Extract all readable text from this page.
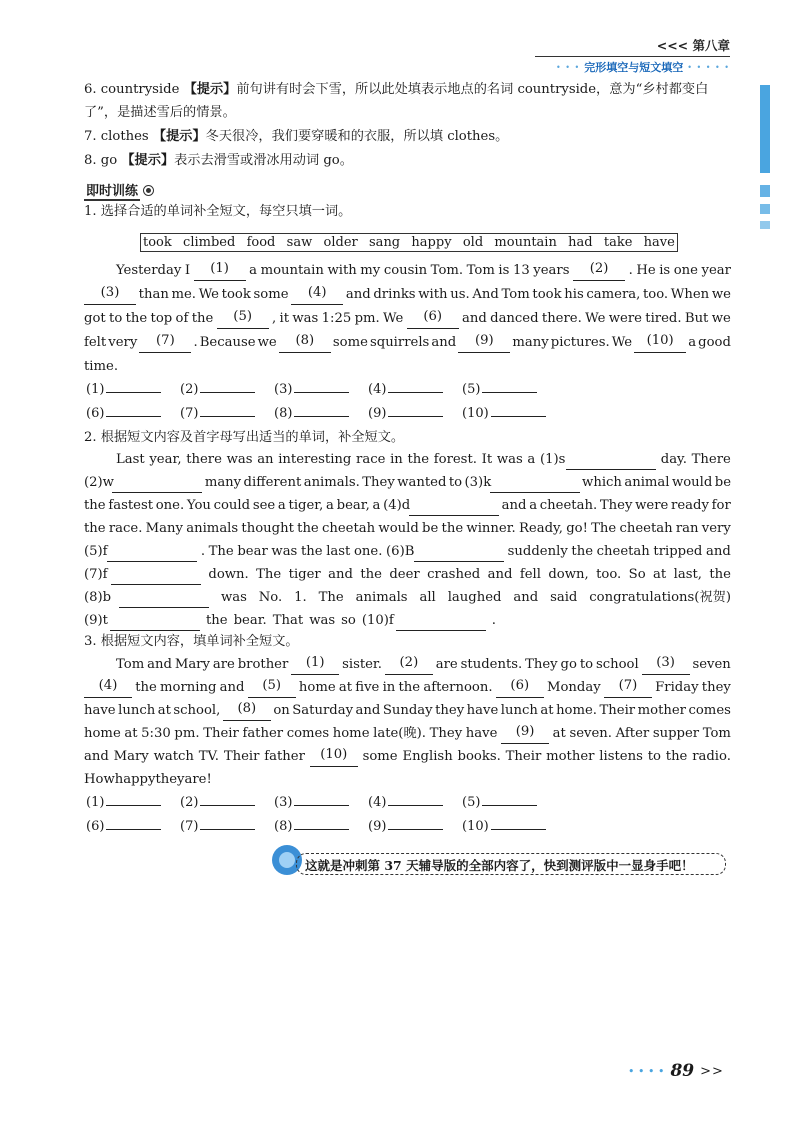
<<< 第八章
• • • 完形填空与短文填空 • • • • •
6. countryside 【提示】前句讲有时会下雪，所以此处填表示地点的名词 countryside，意为“乡村都变白
了”，是描述雪后的情景。
7. clothes 【提示】冬天很冷，我们要穿暖和的衣服，所以填 clothes。
8. go 【提示】表示去滑雪或滑冰用动词 go。
即时训练
1. 选择合适的单词补全短文，每空只填一词。
took climbed food saw older sang happy old mountain had take have
Yesterday I	(1)	a mountain with my cousin Tom. Tom is 13 years	(2)	. He is one year
(3)	than me. We took some	(4)	and drinks with us. And Tom took his camera, too. When we
got to the top of the	(5)	, it was 1:25 pm. We	(6)	and danced there. We were tired. But we
felt very	(7)	. Because we	(8)	some squirrels and	(9)	many pictures. We	(10)	a good
time.
(1)	(2)	(3)	(4)	(5)
(6)	(7)	(8)	(9)	(10)
2. 根据短文内容及首字母写出适当的单词，补全短文。
Last year, there was an interesting race in the forest. It was a (1)s	day. There
(2)w	many different animals. They wanted to (3)k	which animal would be
the fastest one. You could see a tiger, a bear, a (4)d	and a cheetah. They were ready for
the race. Many animals thought the cheetah would be the winner. Ready, go! The cheetah ran very
(5)f	. The bear was the last one. (6)B	suddenly the cheetah tripped and
(7)f	down. The tiger and the deer crashed and fell down, too. So at last, the
(8)b	was No. 1. The animals all laughed and said congratulations(祝贺)
(9)t	the bear. That was so (10)f	.
3. 根据短文内容，填单词补全短文。
Tom and Mary are brother	(1)	sister.	(2)	are students. They go to school	(3)	seven
(4)	the morning and	(5)	home at five in the afternoon.	(6)	Monday	(7)	Friday they
have lunch at school,	(8)	on Saturday and Sunday they have lunch at home. Their mother comes
home at 5:30 pm. Their father comes home late(晚). They have	(9)	at seven. After supper Tom
and Mary watch TV. Their father	(10)	some English books. Their mother listens to the radio.
Howhappytheyare!
(1)	(2)	(3)	(4)	(5)
(6)	(7)	(8)	(9)	(10)
这就是冲刺第 37 天辅导版的全部内容了，快到测评版中一显身手吧！
• • • • 89 >>
